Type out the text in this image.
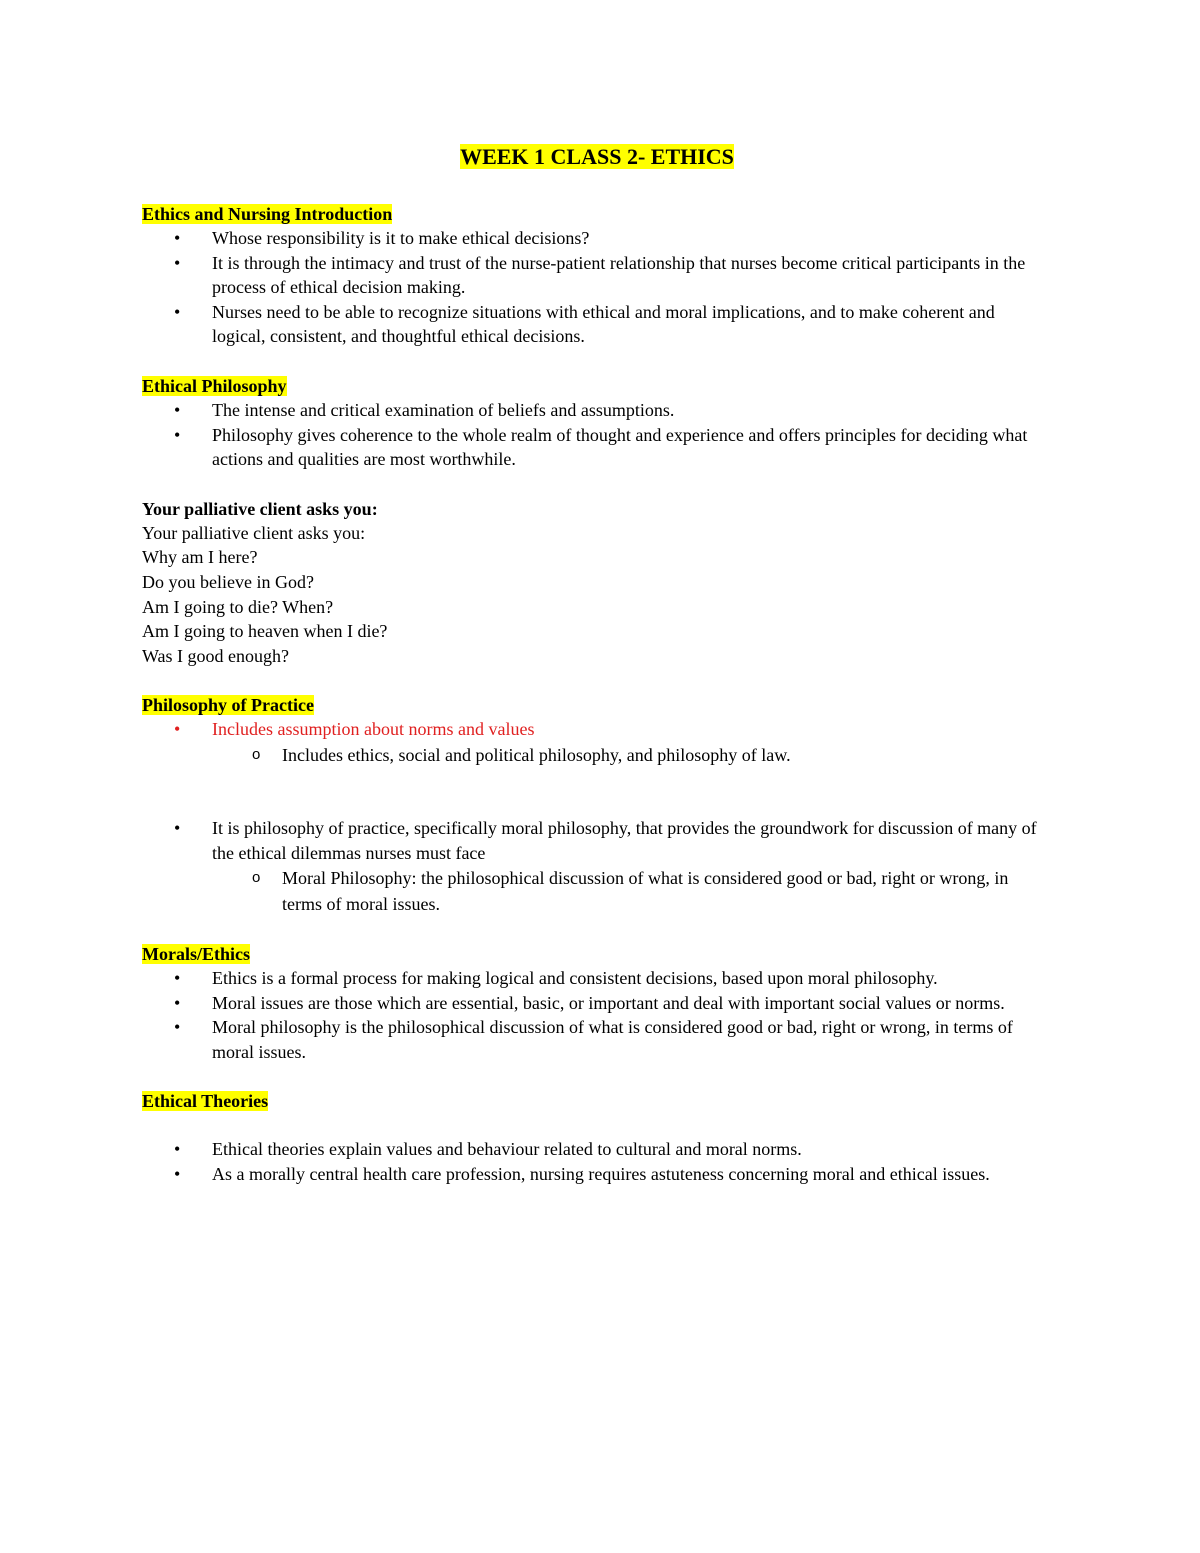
WEEK 1 CLASS 2- ETHICS

Ethics and Nursing Introduction

• Whose responsibility is it to make ethical decisions?
• It is through the intimacy and trust of the nurse-patient relationship that nurses become critical participants in the process of ethical decision making.
• Nurses need to be able to recognize situations with ethical and moral implications, and to make coherent and logical, consistent, and thoughtful ethical decisions.

Ethical Philosophy

• The intense and critical examination of beliefs and assumptions.
• Philosophy gives coherence to the whole realm of thought and experience and offers principles for deciding what actions and qualities are most worthwhile.

Your palliative client asks you:

Your palliative client asks you:

Why am I here?

Do you believe in God?

Am I going to die? When?

Am I going to heaven when I die?

Was I good enough?

Philosophy of Practice

• Includes assumption about norms and values
o Includes ethics, social and political philosophy, and philosophy of law.
• It is philosophy of practice, specifically moral philosophy, that provides the groundwork for discussion of many of the ethical dilemmas nurses must face
o Moral Philosophy: the philosophical discussion of what is considered good or bad, right or wrong, in terms of moral issues.

Morals/Ethics

• Ethics is a formal process for making logical and consistent decisions, based upon moral philosophy.
• Moral issues are those which are essential, basic, or important and deal with important social values or norms.
• Moral philosophy is the philosophical discussion of what is considered good or bad, right or wrong, in terms of moral issues.

Ethical Theories

• Ethical theories explain values and behaviour related to cultural and moral norms.
• As a morally central health care profession, nursing requires astuteness concerning moral and ethical issues.
